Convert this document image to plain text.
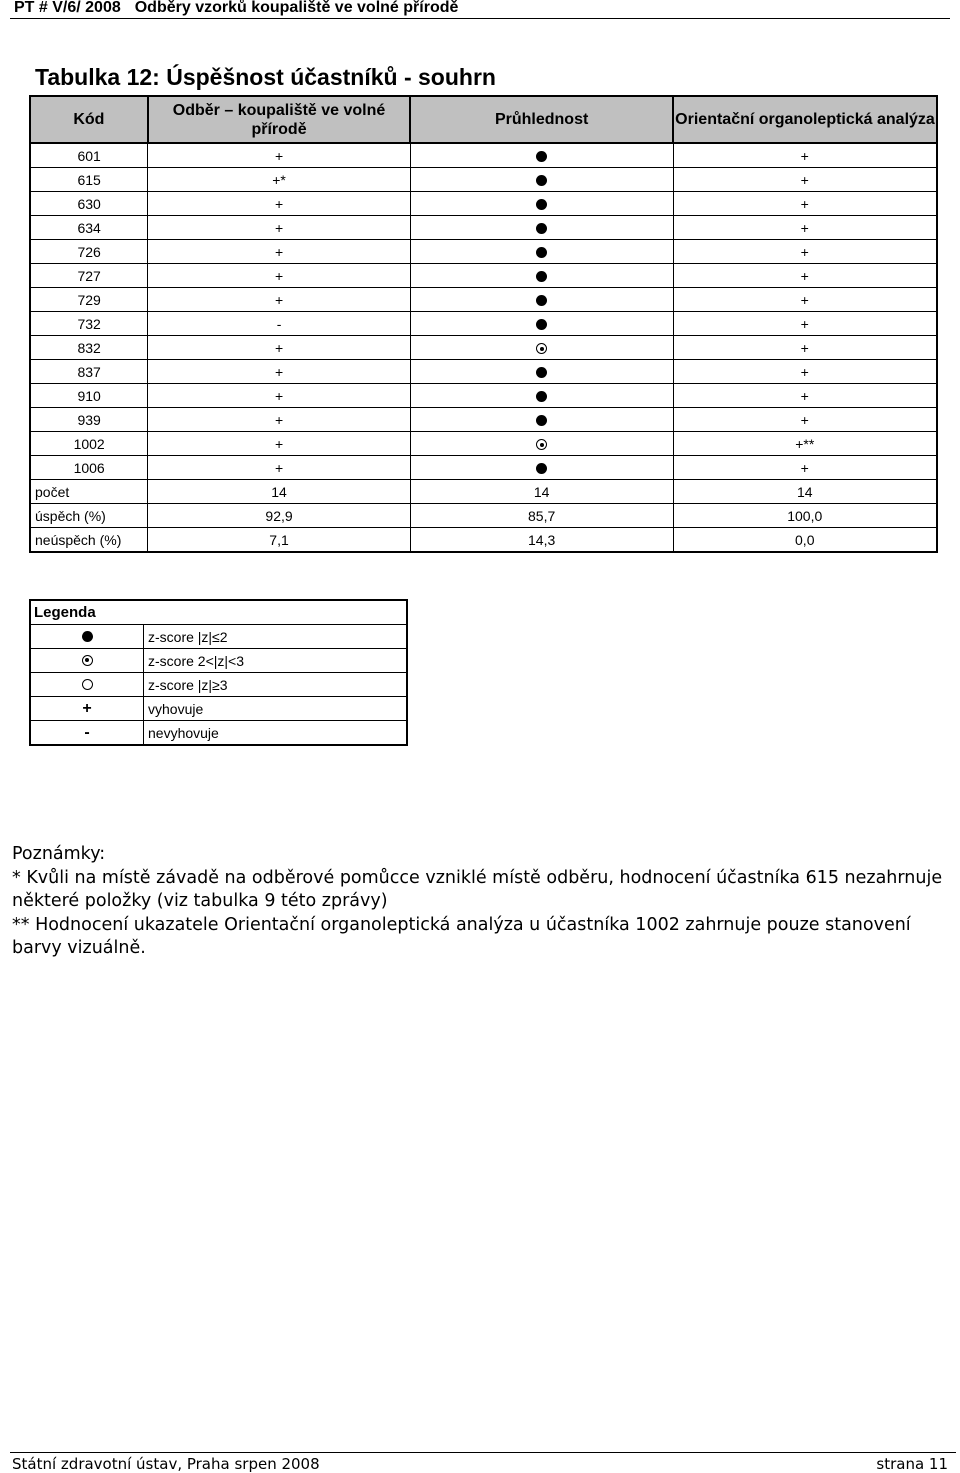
PT # V/6/ 2008 Odběry vzorků koupaliště ve volné přírodě
Tabulka 12: Úspěšnost účastníků - souhrn
Kód	Odběr – koupaliště ve volné přírodě	Průhlednost	Orientační organoleptická analýza
601	+		+
615	+*		+
630	+		+
634	+		+
726	+		+
727	+		+
729	+		+
732	-		+
832	+		+
837	+		+
910	+		+
939	+		+
1002	+		+**
1006	+		+
počet	14	14	14
úspěch (%)	92,9	85,7	100,0
neúspěch (%)	7,1	14,3	0,0
Legenda	
	z-score |z|≤2
	z-score 2<|z|<3
	z-score |z|≥3
+	vyhovuje
-	nevyhovuje

Poznámky:

* Kvůli na místě závadě na odběrové pomůcce vzniklé místě odběru, hodnocení účastníka 615 nezahrnuje některé položky (viz tabulka 9 této zprávy)

** Hodnocení ukazatele Orientační organoleptická analýza u účastníka 1002 zahrnuje pouze stanovení barvy vizuálně.

Státní zdravotní ústav, Praha srpen 2008	strana 11
